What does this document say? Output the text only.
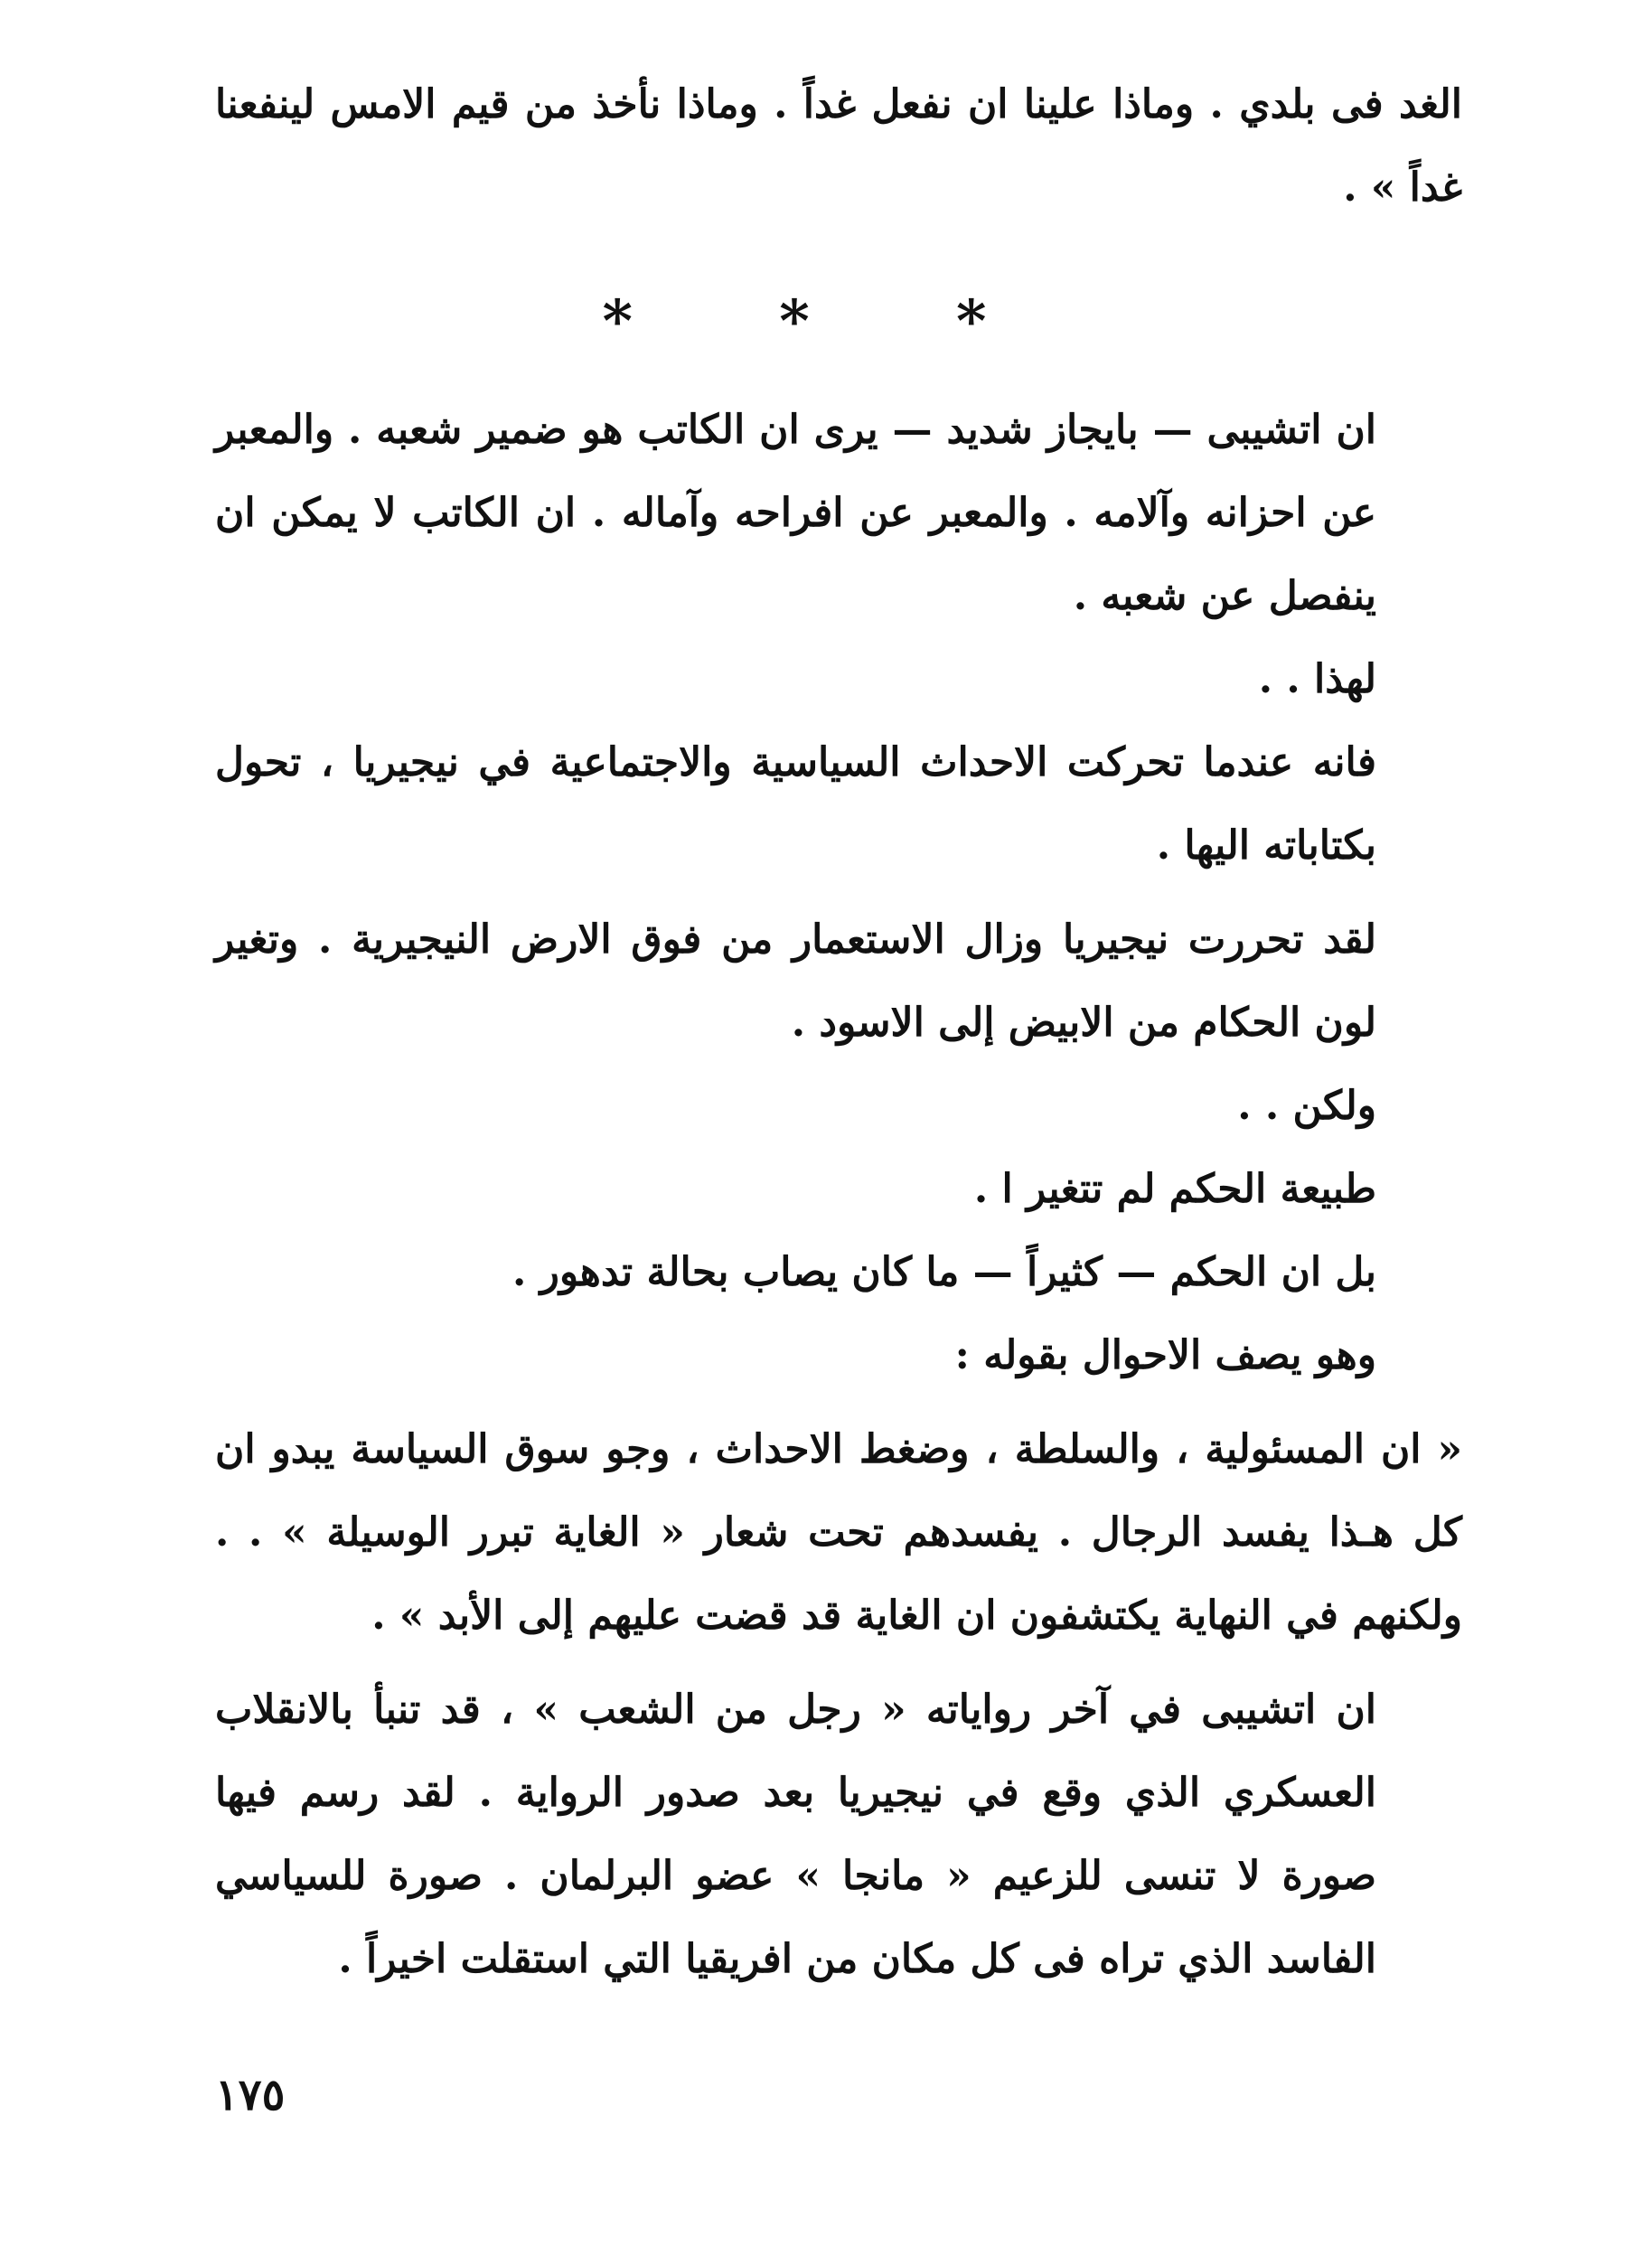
الغد فى بلدي . وماذا علينا ان نفعل غداً . وماذا نأخذ من قيم الامس لينفعنا غداً » .

* * *

ان اتشيبى — بايجاز شديد — يرى ان الكاتب هو ضمير شعبه . والمعبر عن احزانه وآلامه . والمعبر عن افراحه وآماله . ان الكاتب لا يمكن ان ينفصل عن شعبه .

لهذا . .

فانه عندما تحركت الاحداث السياسية والاجتماعية في نيجيريا ، تحول بكتاباته اليها .

لقد تحررت نيجيريا وزال الاستعمار من فوق الارض النيجيرية . وتغير لون الحكام من الابيض إلى الاسود .

ولكن . .

طبيعة الحكم لم تتغير ا .

بل ان الحكم — كثيراً — ما كان يصاب بحالة تدهور .

وهو يصف الاحوال بقوله :

« ان المسئولية ، والسلطة ، وضغط الاحداث ، وجو سوق السياسة يبدو ان كل هـذا يفسد الرجال . يفسدهم تحت شعار « الغاية تبرر الوسيلة » . . ولكنهم في النهاية يكتشفون ان الغاية قد قضت عليهم إلى الأبد » .

ان اتشيبى في آخر رواياته « رجل من الشعب » ، قد تنبأ بالانقلاب العسكري الذي وقع في نيجيريا بعد صدور الرواية . لقد رسم فيها صورة لا تنسى للزعيم « مانجا » عضو البرلمان . صورة للسياسي الفاسد الذي تراه فى كل مكان من افريقيا التي استقلت اخيراً .

١٧٥
